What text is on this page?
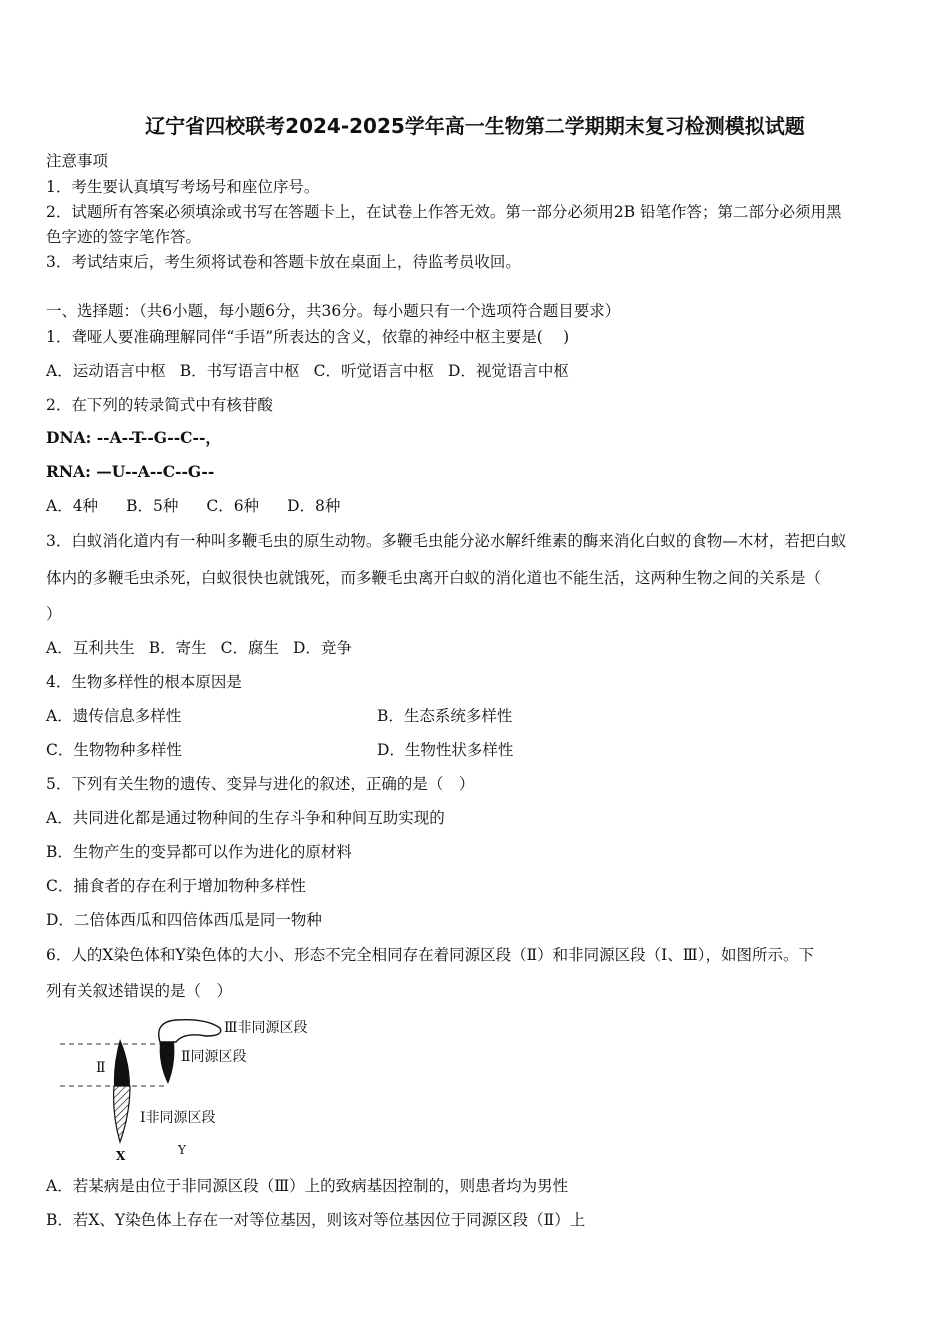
辽宁省四校联考2024-2025学年高一生物第二学期期末复习检测模拟试题
注意事项
1．考生要认真填写考场号和座位序号。
2．试题所有答案必须填涂或书写在答题卡上，在试卷上作答无效。第一部分必须用2B 铅笔作答；第二部分必须用黑
色字迹的签字笔作答。
3．考试结束后，考生须将试卷和答题卡放在桌面上，待监考员收回。
一、选择题：（共6小题，每小题6分，共36分。每小题只有一个选项符合题目要求）
1．聋哑人要准确理解同伴“手语”所表达的含义，依靠的神经中枢主要是(　 )
A．运动语言中枢 B．书写语言中枢 C．听觉语言中枢 D．视觉语言中枢
2．在下列的转录简式中有核苷酸
DNA: --A--T--G--C--，
RNA: —U--A--C--G--
A．4种 B．5种 C．6种 D．8种
3．白蚁消化道内有一种叫多鞭毛虫的原生动物。多鞭毛虫能分泌水解纤维素的酶来消化白蚁的食物—木材，若把白蚁
体内的多鞭毛虫杀死，白蚁很快也就饿死，而多鞭毛虫离开白蚁的消化道也不能生活，这两种生物之间的关系是（
）
A．互利共生 B．寄生 C．腐生 D．竞争
4．生物多样性的根本原因是
A．遗传信息多样性	B．生态系统多样性
C．生物物种多样性	D．生物性状多样性
5．下列有关生物的遗传、变异与进化的叙述，正确的是（　）
A．共同进化都是通过物种间的生存斗争和种间互助实现的
B．生物产生的变异都可以作为进化的原材料
C．捕食者的存在利于增加物种多样性
D．二倍体西瓜和四倍体西瓜是同一物种
6．人的X染色体和Y染色体的大小、形态不完全相同存在着同源区段（Ⅱ）和非同源区段（Ⅰ、Ⅲ），如图所示。下
列有关叙述错误的是（　）
Ⅲ非同源区段
Ⅱ同源区段
Ⅱ
Ⅰ非同源区段
X	Y
A．若某病是由位于非同源区段（Ⅲ）上的致病基因控制的，则患者均为男性
B．若X、Y染色体上存在一对等位基因，则该对等位基因位于同源区段（Ⅱ）上
